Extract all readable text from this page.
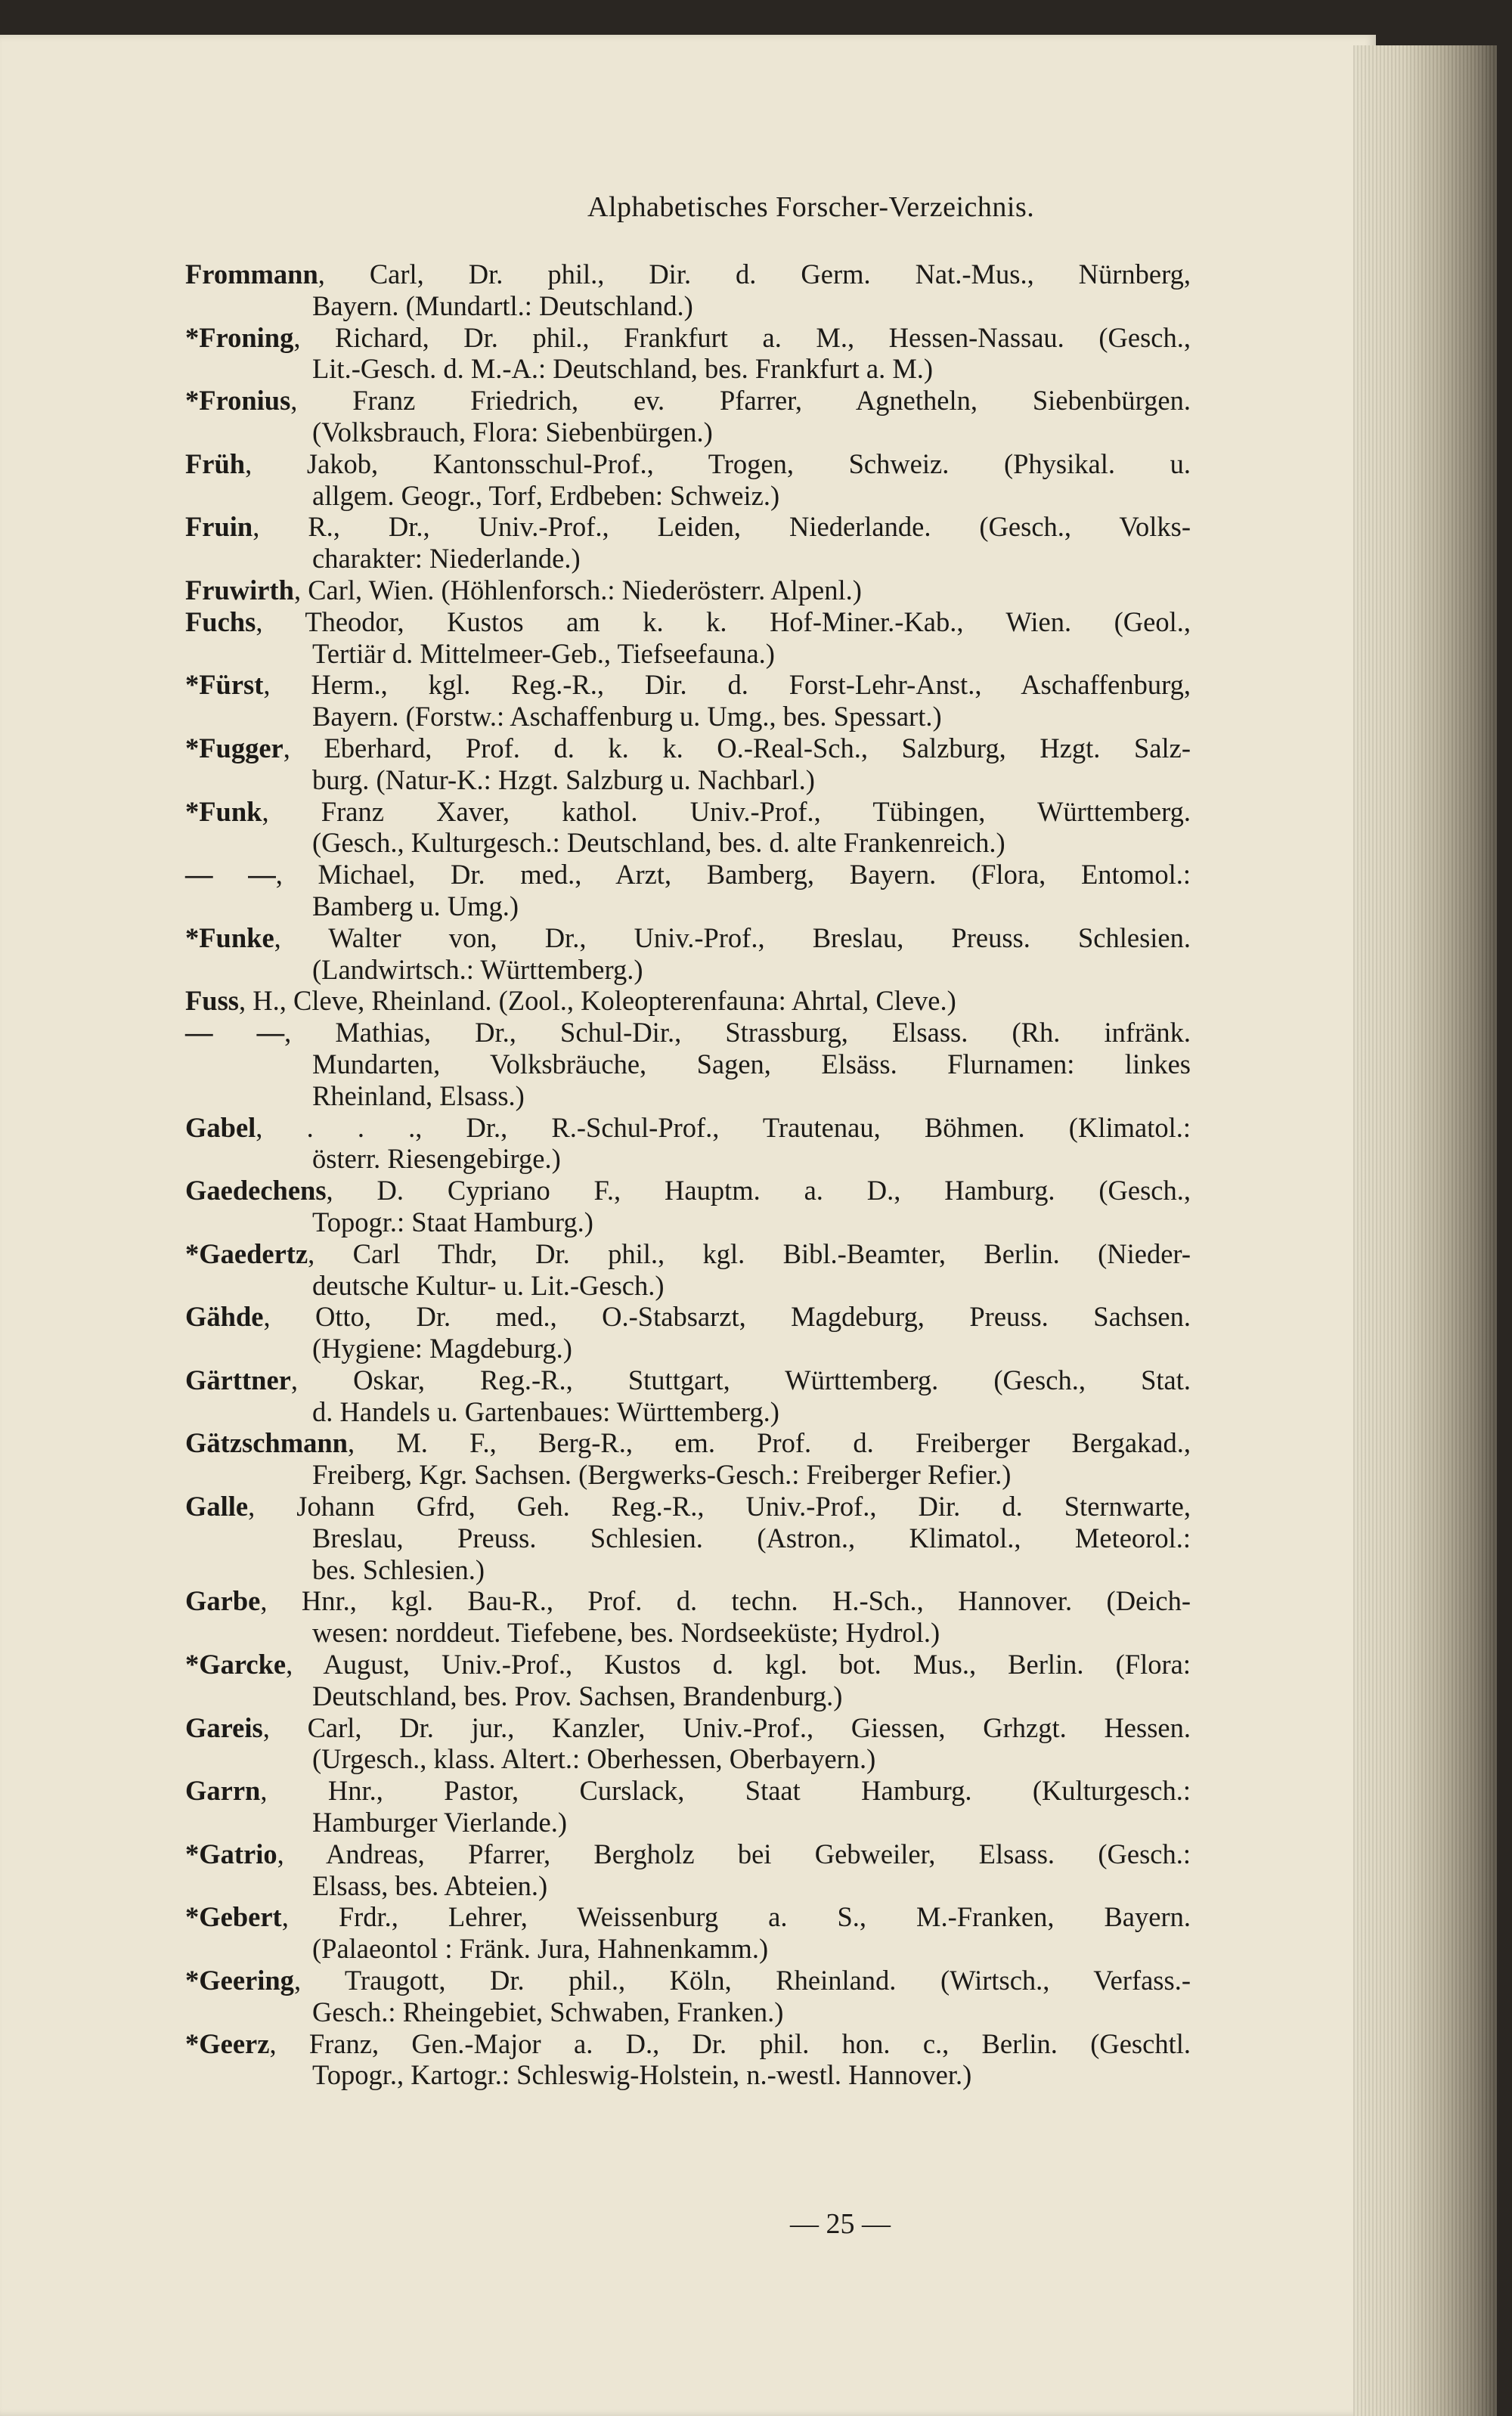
Alphabetisches Forscher-Verzeichnis.
Frommann, Carl, Dr. phil., Dir. d. Germ. Nat.-Mus., Nürnberg,
Bayern. (Mundartl.: Deutschland.)
*Froning, Richard, Dr. phil., Frankfurt a. M., Hessen-Nassau. (Gesch.,
Lit.-Gesch. d. M.-A.: Deutschland, bes. Frankfurt a. M.)
*Fronius, Franz Friedrich, ev. Pfarrer, Agnetheln, Siebenbürgen.
(Volksbrauch, Flora: Siebenbürgen.)
Früh, Jakob, Kantonsschul-Prof., Trogen, Schweiz. (Physikal. u.
allgem. Geogr., Torf, Erdbeben: Schweiz.)
Fruin, R., Dr., Univ.-Prof., Leiden, Niederlande. (Gesch., Volks-
charakter: Niederlande.)
Fruwirth, Carl, Wien. (Höhlenforsch.: Niederösterr. Alpenl.)
Fuchs, Theodor, Kustos am k. k. Hof-Miner.-Kab., Wien. (Geol.,
Tertiär d. Mittelmeer-Geb., Tiefseefauna.)
*Fürst, Herm., kgl. Reg.-R., Dir. d. Forst-Lehr-Anst., Aschaffenburg,
Bayern. (Forstw.: Aschaffenburg u. Umg., bes. Spessart.)
*Fugger, Eberhard, Prof. d. k. k. O.-Real-Sch., Salzburg, Hzgt. Salz-
burg. (Natur-K.: Hzgt. Salzburg u. Nachbarl.)
*Funk, Franz Xaver, kathol. Univ.-Prof., Tübingen, Württemberg.
(Gesch., Kulturgesch.: Deutschland, bes. d. alte Frankenreich.)
— —, Michael, Dr. med., Arzt, Bamberg, Bayern. (Flora, Entomol.:
Bamberg u. Umg.)
*Funke, Walter von, Dr., Univ.-Prof., Breslau, Preuss. Schlesien.
(Landwirtsch.: Württemberg.)
Fuss, H., Cleve, Rheinland. (Zool., Koleopterenfauna: Ahrtal, Cleve.)
— —, Mathias, Dr., Schul-Dir., Strassburg, Elsass. (Rh. infränk.
Mundarten, Volksbräuche, Sagen, Elsäss. Flurnamen: linkes
Rheinland, Elsass.)
Gabel, . . ., Dr., R.-Schul-Prof., Trautenau, Böhmen. (Klimatol.:
österr. Riesengebirge.)
Gaedechens, D. Cypriano F., Hauptm. a. D., Hamburg. (Gesch.,
Topogr.: Staat Hamburg.)
*Gaedertz, Carl Thdr, Dr. phil., kgl. Bibl.-Beamter, Berlin. (Nieder-
deutsche Kultur- u. Lit.-Gesch.)
Gähde, Otto, Dr. med., O.-Stabsarzt, Magdeburg, Preuss. Sachsen.
(Hygiene: Magdeburg.)
Gärttner, Oskar, Reg.-R., Stuttgart, Württemberg. (Gesch., Stat.
d. Handels u. Gartenbaues: Württemberg.)
Gätzschmann, M. F., Berg-R., em. Prof. d. Freiberger Bergakad.,
Freiberg, Kgr. Sachsen. (Bergwerks-Gesch.: Freiberger Refier.)
Galle, Johann Gfrd, Geh. Reg.-R., Univ.-Prof., Dir. d. Sternwarte,
Breslau, Preuss. Schlesien. (Astron., Klimatol., Meteorol.:
bes. Schlesien.)
Garbe, Hnr., kgl. Bau-R., Prof. d. techn. H.-Sch., Hannover. (Deich-
wesen: norddeut. Tiefebene, bes. Nordseeküste; Hydrol.)
*Garcke, August, Univ.-Prof., Kustos d. kgl. bot. Mus., Berlin. (Flora:
Deutschland, bes. Prov. Sachsen, Brandenburg.)
Gareis, Carl, Dr. jur., Kanzler, Univ.-Prof., Giessen, Grhzgt. Hessen.
(Urgesch., klass. Altert.: Oberhessen, Oberbayern.)
Garrn, Hnr., Pastor, Curslack, Staat Hamburg. (Kulturgesch.:
Hamburger Vierlande.)
*Gatrio, Andreas, Pfarrer, Bergholz bei Gebweiler, Elsass. (Gesch.:
Elsass, bes. Abteien.)
*Gebert, Frdr., Lehrer, Weissenburg a. S., M.-Franken, Bayern.
(Palaeontol : Fränk. Jura, Hahnenkamm.)
*Geering, Traugott, Dr. phil., Köln, Rheinland. (Wirtsch., Verfass.-
Gesch.: Rheingebiet, Schwaben, Franken.)
*Geerz, Franz, Gen.-Major a. D., Dr. phil. hon. c., Berlin. (Geschtl.
Topogr., Kartogr.: Schleswig-Holstein, n.-westl. Hannover.)
— 25 —
